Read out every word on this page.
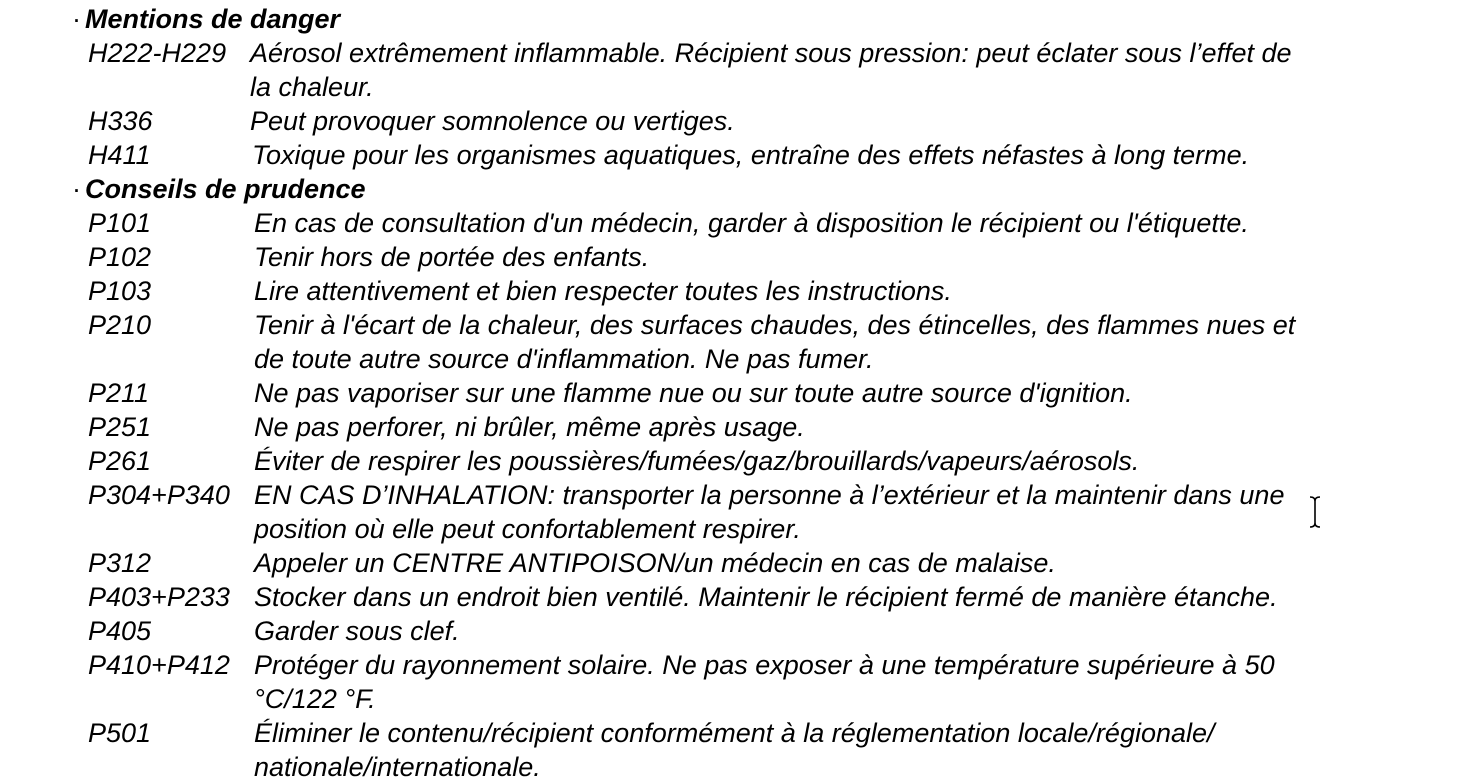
· Mentions de danger
H222-H229 Aérosol extrêmement inflammable. Récipient sous pression: peut éclater sous l’effet de
la chaleur.
H336	Peut provoquer somnolence ou vertiges.
H411	Toxique pour les organismes aquatiques, entraîne des effets néfastes à long terme.
· Conseils de prudence
P101	En cas de consultation d'un médecin, garder à disposition le récipient ou l'étiquette.
P102	Tenir hors de portée des enfants.
P103	Lire attentivement et bien respecter toutes les instructions.
P210	Tenir à l'écart de la chaleur, des surfaces chaudes, des étincelles, des flammes nues et
de toute autre source d'inflammation. Ne pas fumer.
P211	Ne pas vaporiser sur une flamme nue ou sur toute autre source d'ignition.
P251	Ne pas perforer, ni brûler, même après usage.
P261	Éviter de respirer les poussières/fumées/gaz/brouillards/vapeurs/aérosols.
P304+P340 EN CAS D’INHALATION: transporter la personne à l’extérieur et la maintenir dans une
position où elle peut confortablement respirer.
P312	Appeler un CENTRE ANTIPOISON/un médecin en cas de malaise.
P403+P233 Stocker dans un endroit bien ventilé. Maintenir le récipient fermé de manière étanche.
P405	Garder sous clef.
P410+P412 Protéger du rayonnement solaire. Ne pas exposer à une température supérieure à 50
°C/122 °F.
P501	Éliminer le contenu/récipient conformément à la réglementation locale/régionale/
nationale/internationale.
